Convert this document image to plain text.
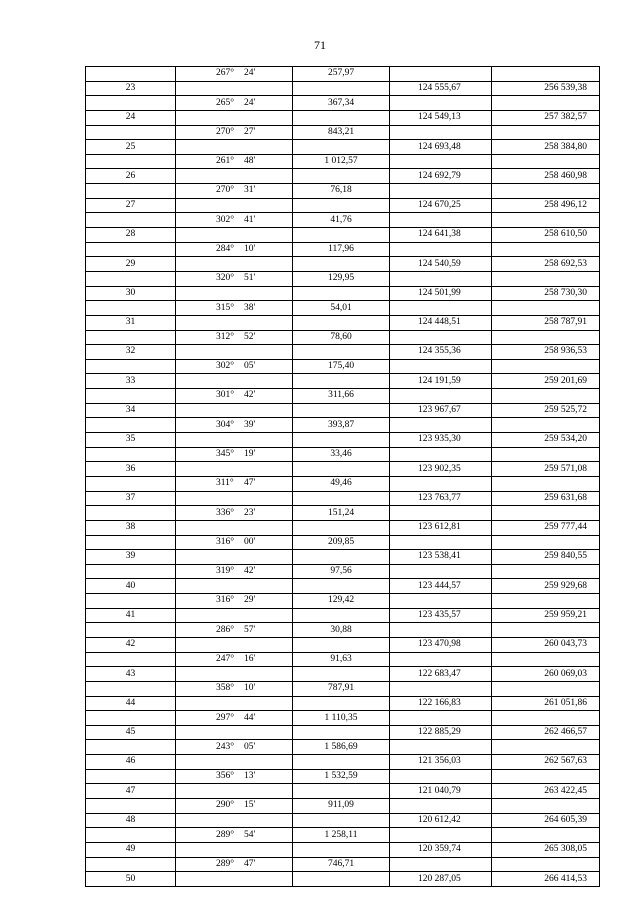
71
	267° 24'	257,97		
23			124 555,67	256 539,38
	265° 24'	367,34		
24			124 549,13	257 382,57
	270° 27'	843,21		
25			124 693,48	258 384,80
	261° 48'	1 012,57		
26			124 692,79	258 460,98
	270° 31'	76,18		
27			124 670,25	258 496,12
	302° 41'	41,76		
28			124 641,38	258 610,50
	284° 10'	117,96		
29			124 540,59	258 692,53
	320° 51'	129,95		
30			124 501,99	258 730,30
	315° 38'	54,01		
31			124 448,51	258 787,91
	312° 52'	78,60		
32			124 355,36	258 936,53
	302° 05'	175,40		
33			124 191,59	259 201,69
	301° 42'	311,66		
34			123 967,67	259 525,72
	304° 39'	393,87		
35			123 935,30	259 534,20
	345° 19'	33,46		
36			123 902,35	259 571,08
	311° 47'	49,46		
37			123 763,77	259 631,68
	336° 23'	151,24		
38			123 612,81	259 777,44
	316° 00'	209,85		
39			123 538,41	259 840,55
	319° 42'	97,56		
40			123 444,57	259 929,68
	316° 29'	129,42		
41			123 435,57	259 959,21
	286° 57'	30,88		
42			123 470,98	260 043,73
	247° 16'	91,63		
43			122 683,47	260 069,03
	358° 10'	787,91		
44			122 166,83	261 051,86
	297° 44'	1 110,35		
45			122 885,29	262 466,57
	243° 05'	1 586,69		
46			121 356,03	262 567,63
	356° 13'	1 532,59		
47			121 040,79	263 422,45
	290° 15'	911,09		
48			120 612,42	264 605,39
	289° 54'	1 258,11		
49			120 359,74	265 308,05
	289° 47'	746,71		
50			120 287,05	266 414,53
